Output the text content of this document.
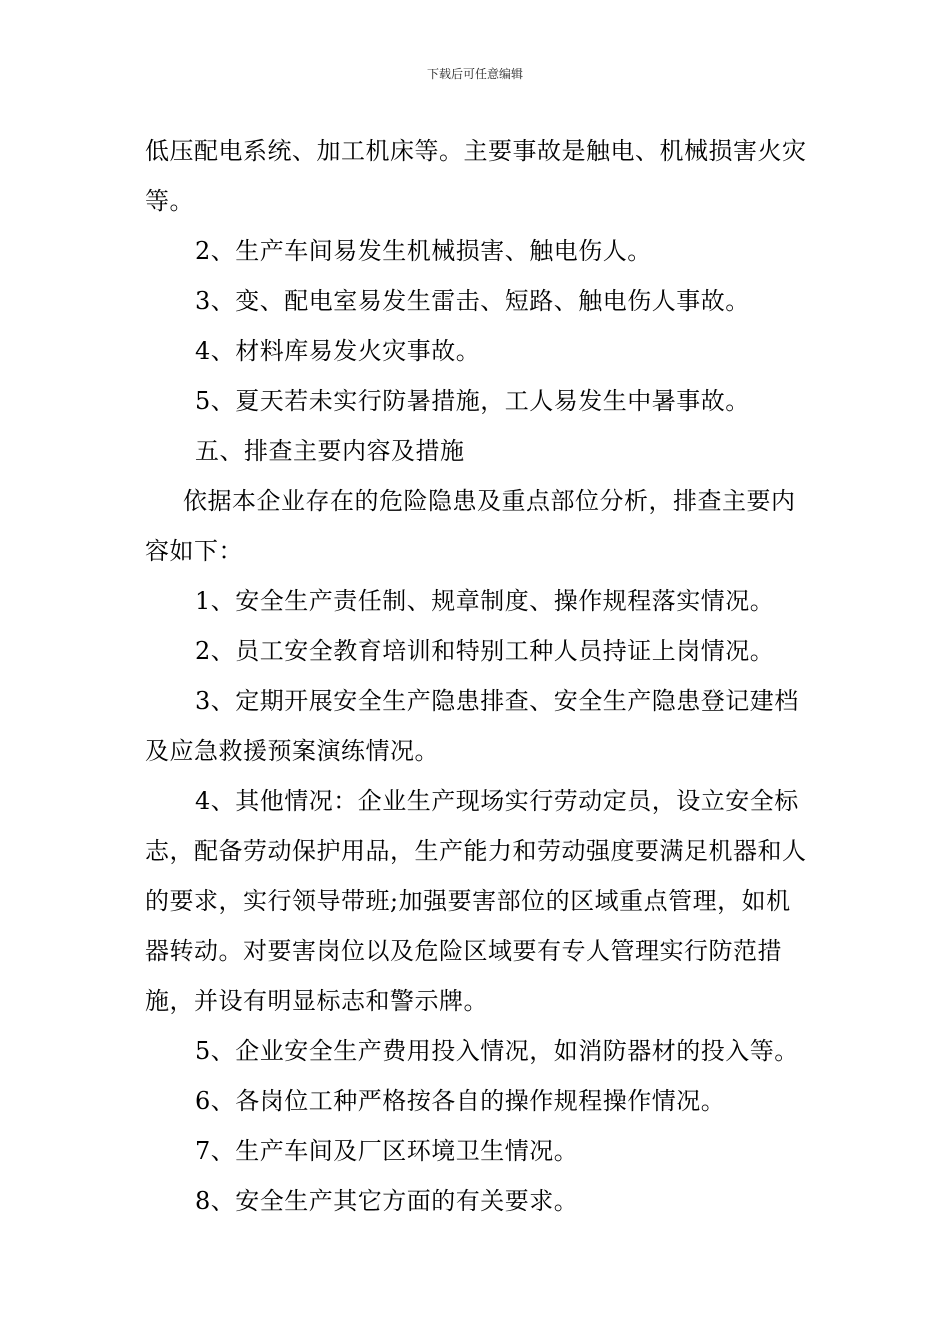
下载后可任意编辑

低压配电系统、加工机床等。主要事故是触电、机械损害火灾等。

2、生产车间易发生机械损害、触电伤人。

3、变、配电室易发生雷击、短路、触电伤人事故。

4、材料库易发火灾事故。

5、夏天若未实行防暑措施，工人易发生中暑事故。

五、排查主要内容及措施

依据本企业存在的危险隐患及重点部位分析，排查主要内容如下：

1、安全生产责任制、规章制度、操作规程落实情况。

2、员工安全教育培训和特别工种人员持证上岗情况。

3、定期开展安全生产隐患排查、安全生产隐患登记建档及应急救援预案演练情况。

4、其他情况：企业生产现场实行劳动定员，设立安全标志，配备劳动保护用品，生产能力和劳动强度要满足机器和人的要求，实行领导带班;加强要害部位的区域重点管理，如机器转动。对要害岗位以及危险区域要有专人管理实行防范措施，并设有明显标志和警示牌。

5、企业安全生产费用投入情况，如消防器材的投入等。

6、各岗位工种严格按各自的操作规程操作情况。

7、生产车间及厂区环境卫生情况。

8、安全生产其它方面的有关要求。
